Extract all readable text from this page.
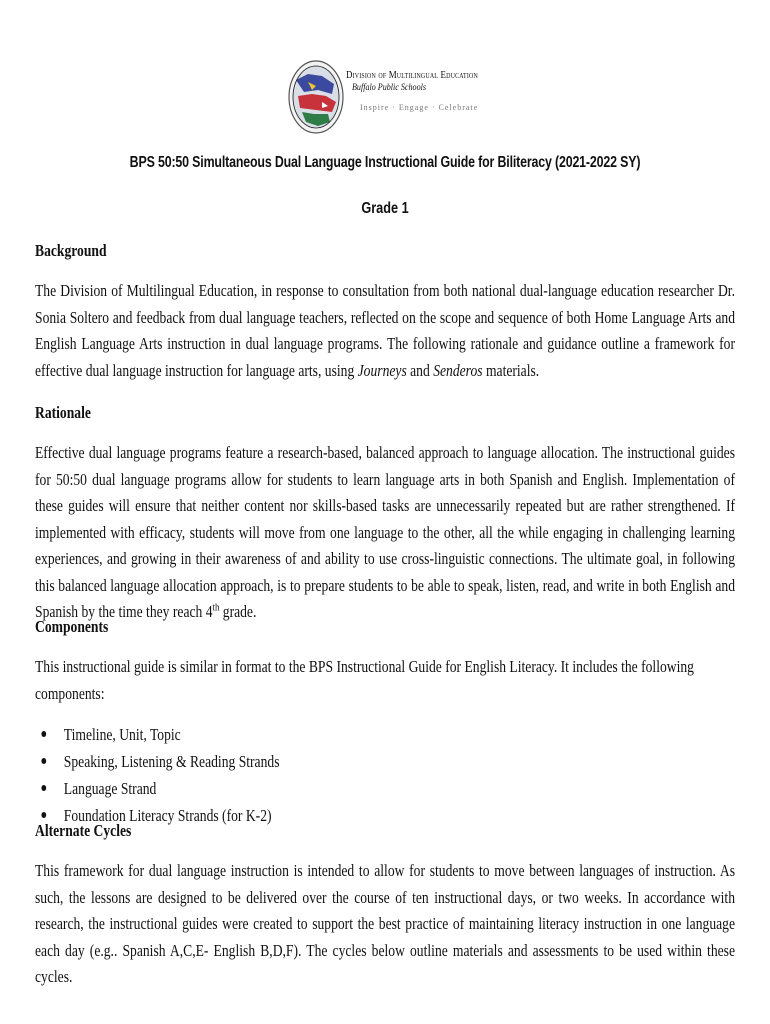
Division of Multilingual Education
Buffalo Public Schools
Inspire · Engage · Celebrate
BPS 50:50 Simultaneous Dual Language Instructional Guide for Biliteracy (2021-2022 SY)
Grade 1
Background
The Division of Multilingual Education, in response to consultation from both national dual-language education researcher Dr. Sonia Soltero and feedback from dual language teachers, reflected on the scope and sequence of both Home Language Arts and English Language Arts instruction in dual language programs. The following rationale and guidance outline a framework for effective dual language instruction for language arts, using Journeys and Senderos materials.
Rationale
Effective dual language programs feature a research-based, balanced approach to language allocation. The instructional guides for 50:50 dual language programs allow for students to learn language arts in both Spanish and English. Implementation of these guides will ensure that neither content nor skills-based tasks are unnecessarily repeated but are rather strengthened. If implemented with efficacy, students will move from one language to the other, all the while engaging in challenging learning experiences, and growing in their awareness of and ability to use cross-linguistic connections. The ultimate goal, in following this balanced language allocation approach, is to prepare students to be able to speak, listen, read, and write in both English and Spanish by the time they reach 4th grade.
Components
This instructional guide is similar in format to the BPS Instructional Guide for English Literacy. It includes the following components:
Timeline, Unit, Topic
Speaking, Listening & Reading Strands
Language Strand
Foundation Literacy Strands (for K-2)
Alternate Cycles
This framework for dual language instruction is intended to allow for students to move between languages of instruction. As such, the lessons are designed to be delivered over the course of ten instructional days, or two weeks. In accordance with research, the instructional guides were created to support the best practice of maintaining literacy instruction in one language each day (e.g.. Spanish A,C,E- English B,D,F). The cycles below outline materials and assessments to be used within these cycles.
